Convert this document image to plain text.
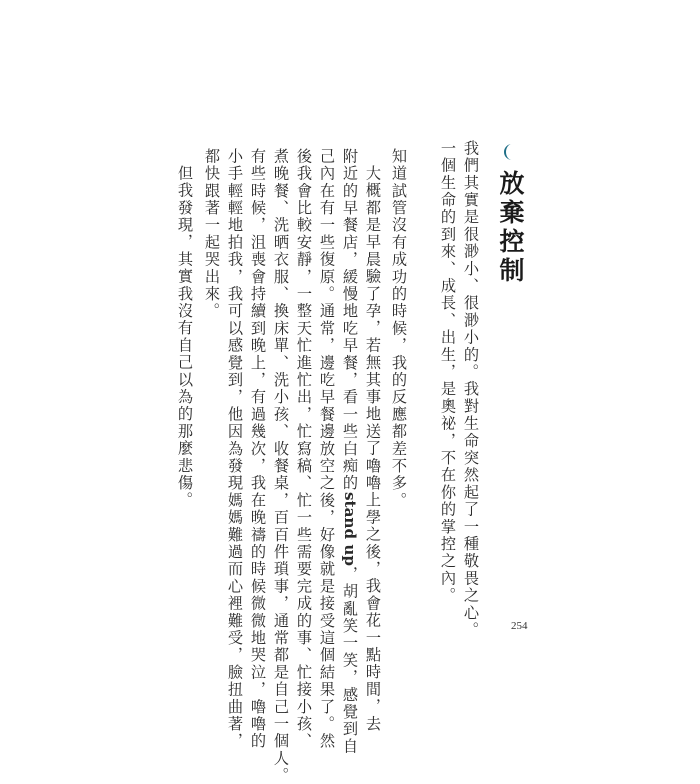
放棄控制
我們其實是很渺小、很渺小的。我對生命突然起了一種敬畏之心。
一個生命的到來、成長、出生，是奧祕，不在你的掌控之內。
知道試管沒有成功的時候，我的反應都差不多。
大概都是早晨驗了孕，若無其事地送了嚕嚕上學之後，我會花一點時間，去
附近的早餐店，緩慢地吃早餐，看一些白痴的stand up，胡亂笑一笑，感覺到自
己內在有一些復原。通常，邊吃早餐邊放空之後，好像就是接受這個結果了。然
後我會比較安靜，一整天忙進忙出，忙寫稿、忙一些需要完成的事、忙接小孩、
煮晚餐、洗晒衣服、換床單、洗小孩、收餐桌，百百件瑣事，通常都是自己一個人。
有些時候，沮喪會持續到晚上，有過幾次，我在晚禱的時候微微地哭泣，嚕嚕的
小手輕輕地拍我，我可以感覺到，他因為發現媽媽難過而心裡難受，臉扭曲著，
都快跟著一起哭出來。
但我發現，其實我沒有自己以為的那麼悲傷。
254
